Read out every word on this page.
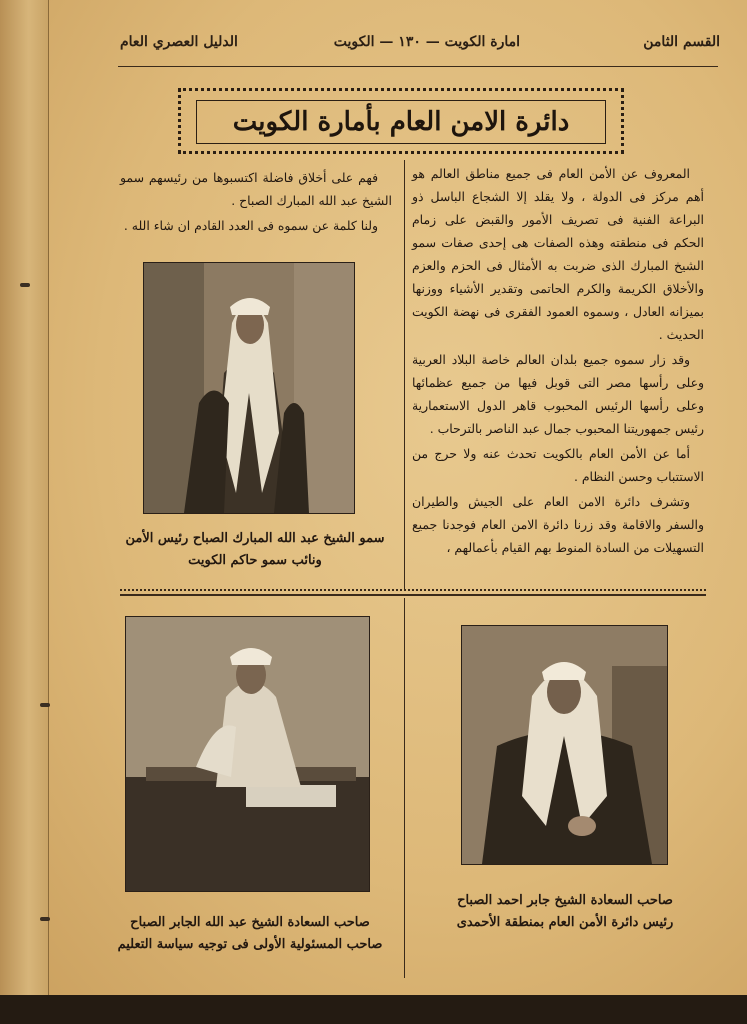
القسم الثامن
امارة الكويت — ١٣٠ — الكويت
الدليل العصري العام
دائرة الامن العام بأمارة الكويت

المعروف عن الأمن العام فى جميع مناطق العالم هو أهم مركز فى الدولة ، ولا يقلد إلا الشجاع الباسل ذو البراعة الفنية فى تصريف الأمور والقبض على زمام الحكم فى منطقته وهذه الصفات هى إحدى صفات سمو الشيخ المبارك الذى ضربت به الأمثال فى الحزم والعزم والأخلاق الكريمة والكرم الحاتمى وتقدير الأشياء ووزنها بميزانه العادل ، وسموه العمود الفقرى فى نهضة الكويت الحديث .

وقد زار سموه جميع بلدان العالم خاصة البلاد العربية وعلى رأسها مصر التى قوبل فيها من جميع عظمائها وعلى رأسها الرئيس المحبوب قاهر الدول الاستعمارية رئيس جمهوريتنا المحبوب جمال عبد الناصر بالترحاب .

أما عن الأمن العام بالكويت تحدث عنه ولا حرج من الاستتباب وحسن النظام .

وتشرف دائرة الامن العام على الجيش والطيران والسفر والاقامة وقد زرنا دائرة الامن العام فوجدنا جميع التسهيلات من السادة المنوط بهم القيام بأعمالهم ،

فهم على أخلاق فاضلة اكتسبوها من رئيسهم سمو الشيخ عبد الله المبارك الصباح .

ولنا كلمة عن سموه فى العدد القادم ان شاء الله .

سمو الشيخ عبد الله المبارك الصباح رئيس الأمن
ونائب سمو حاكم الكويت
صاحب السعادة الشيخ عبد الله الجابر الصباح
صاحب المسئولية الأولى فى توجيه سياسة التعليم
صاحب السعادة الشيخ جابر احمد الصباح
رئيس دائرة الأمن العام بمنطقة الأحمدى
